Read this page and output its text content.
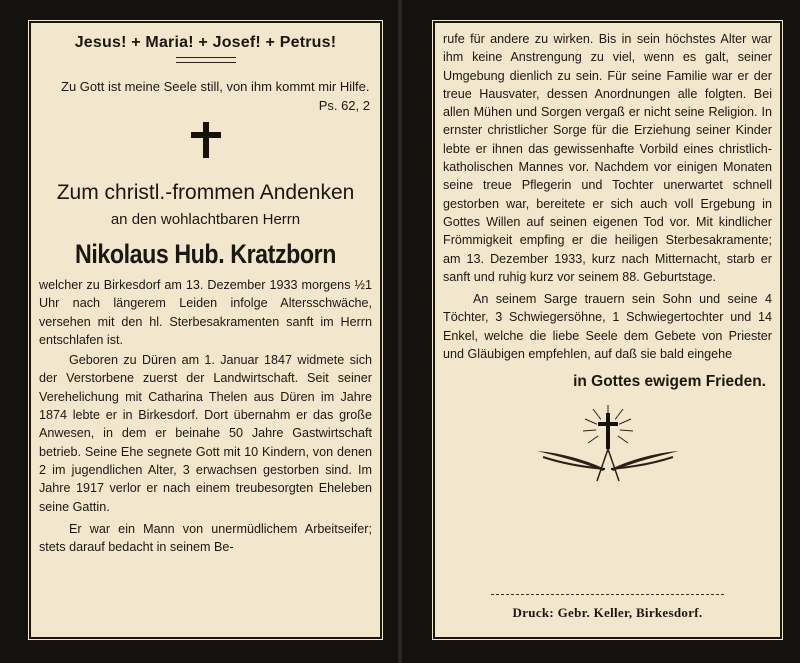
Jesus! + Maria! + Josef! + Petrus!
Zu Gott ist meine Seele still, von ihm kommt mir Hilfe.
Ps. 62, 2
Zum christl.-frommen Andenken
an den wohlachtbaren Herrn
Nikolaus Hub. Kratzborn

welcher zu Birkesdorf am 13. Dezember 1933 morgens ½1 Uhr nach längerem Leiden infolge Altersschwäche, versehen mit den hl. Sterbesakramenten sanft im Herrn entschlafen ist.

Geboren zu Düren am 1. Januar 1847 widmete sich der Verstorbene zuerst der Landwirtschaft. Seit seiner Verehelichung mit Catharina Thelen aus Düren im Jahre 1874 lebte er in Birkesdorf. Dort übernahm er das große Anwesen, in dem er beinahe 50 Jahre Gastwirtschaft betrieb. Seine Ehe segnete Gott mit 10 Kindern, von denen 2 im jugendlichen Alter, 3 erwachsen gestorben sind. Im Jahre 1917 verlor er nach einem treubesorgten Eheleben seine Gattin.

Er war ein Mann von unermüdlichem Arbeitseifer; stets darauf bedacht in seinem Be-

rufe für andere zu wirken. Bis in sein höchstes Alter war ihm keine Anstrengung zu viel, wenn es galt, seiner Umgebung dienlich zu sein. Für seine Familie war er der treue Hausvater, dessen Anordnungen alle folgten. Bei allen Mühen und Sorgen vergaß er nicht seine Religion. In ernster christlicher Sorge für die Erziehung seiner Kinder lebte er ihnen das gewissenhafte Vorbild eines christlich-katholischen Mannes vor. Nachdem vor einigen Monaten seine treue Pflegerin und Tochter unerwartet schnell gestorben war, bereitete er sich auch voll Ergebung in Gottes Willen auf seinen eigenen Tod vor. Mit kindlicher Frömmigkeit empfing er die heiligen Sterbesakramente; am 13. Dezember 1933, kurz nach Mitternacht, starb er sanft und ruhig kurz vor seinem 88. Geburtstage.

An seinem Sarge trauern sein Sohn und seine 4 Töchter, 3 Schwiegersöhne, 1 Schwiegertochter und 14 Enkel, welche die liebe Seele dem Gebete von Priester und Gläubigen empfehlen, auf daß sie bald eingehe

in Gottes ewigem Frieden.
Druck: Gebr. Keller, Birkesdorf.
